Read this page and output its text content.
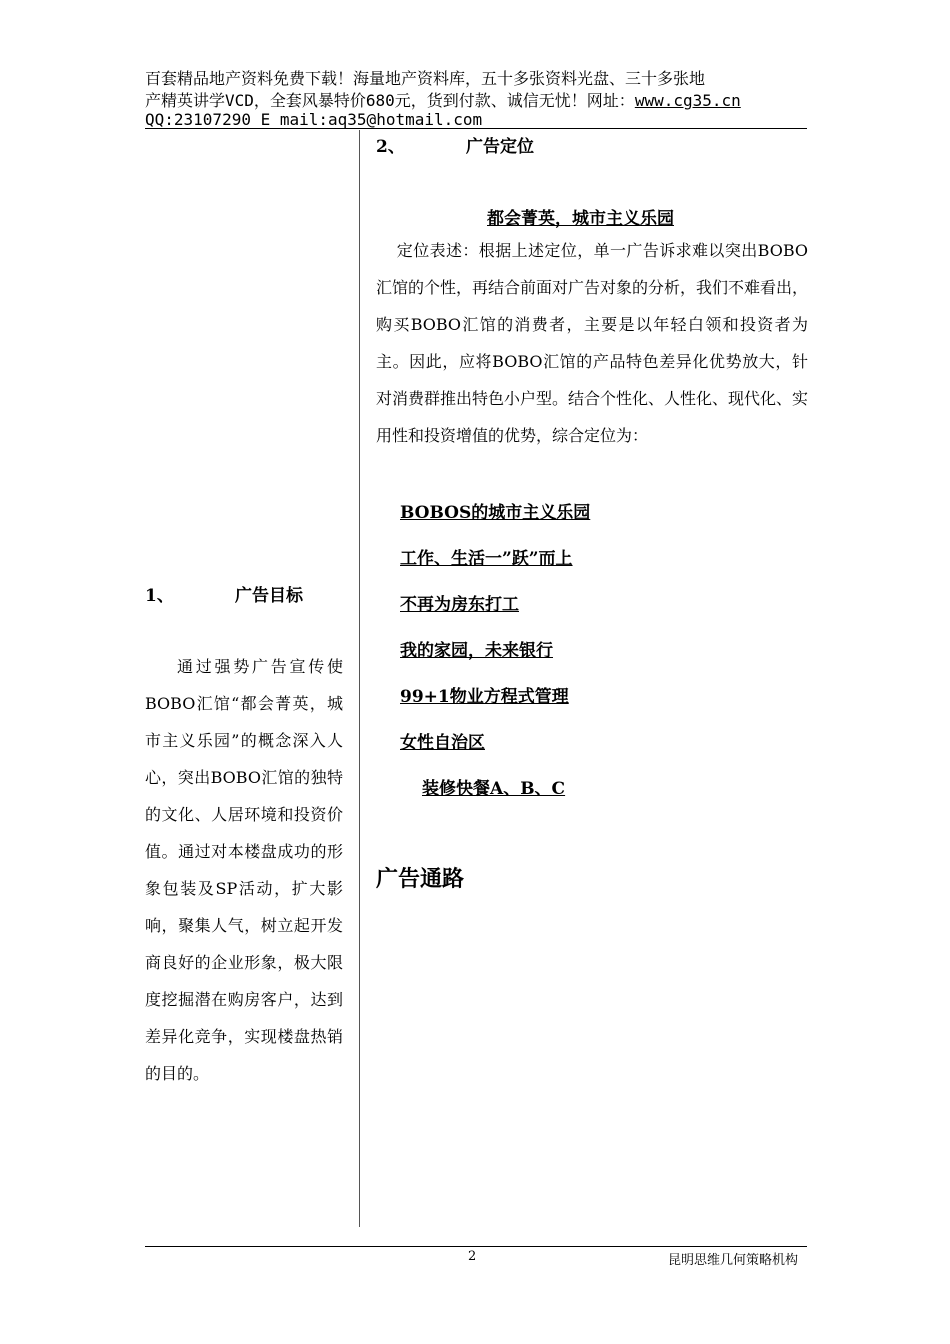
百套精品地产资料免费下载！海量地产资料库，五十多张资料光盘、三十多张地
产精英讲学VCD，全套风暴特价680元，货到付款、诚信无忧！网址：www.cg35.cn
QQ:23107290 E_mail:aq35@hotmail.com
1、	广告目标
通过强势广告宣传使BOBO汇馆“都会菁英，城市主义乐园”的概念深入人心，突出BOBO汇馆的独特的文化、人居环境和投资价值。通过对本楼盘成功的形象包装及SP活动，扩大影响，聚集人气，树立起开发商良好的企业形象，极大限度挖掘潜在购房客户，达到差异化竞争，实现楼盘热销的目的。
2、	广告定位
都会菁英，城市主义乐园
定位表述：根据上述定位，单一广告诉求难以突出BOBO汇馆的个性，再结合前面对广告对象的分析，我们不难看出，购买BOBO汇馆的消费者，主要是以年轻白领和投资者为主。因此，应将BOBO汇馆的产品特色差异化优势放大，针对消费群推出特色小户型。结合个性化、人性化、现代化、实用性和投资增值的优势，综合定位为：
BOBOS的城市主义乐园
工作、生活一”跃”而上
不再为房东打工
我的家园，未来银行
99+1物业方程式管理
女性自治区
装修快餐A、B、C
广告通路
2	昆明思维几何策略机构
